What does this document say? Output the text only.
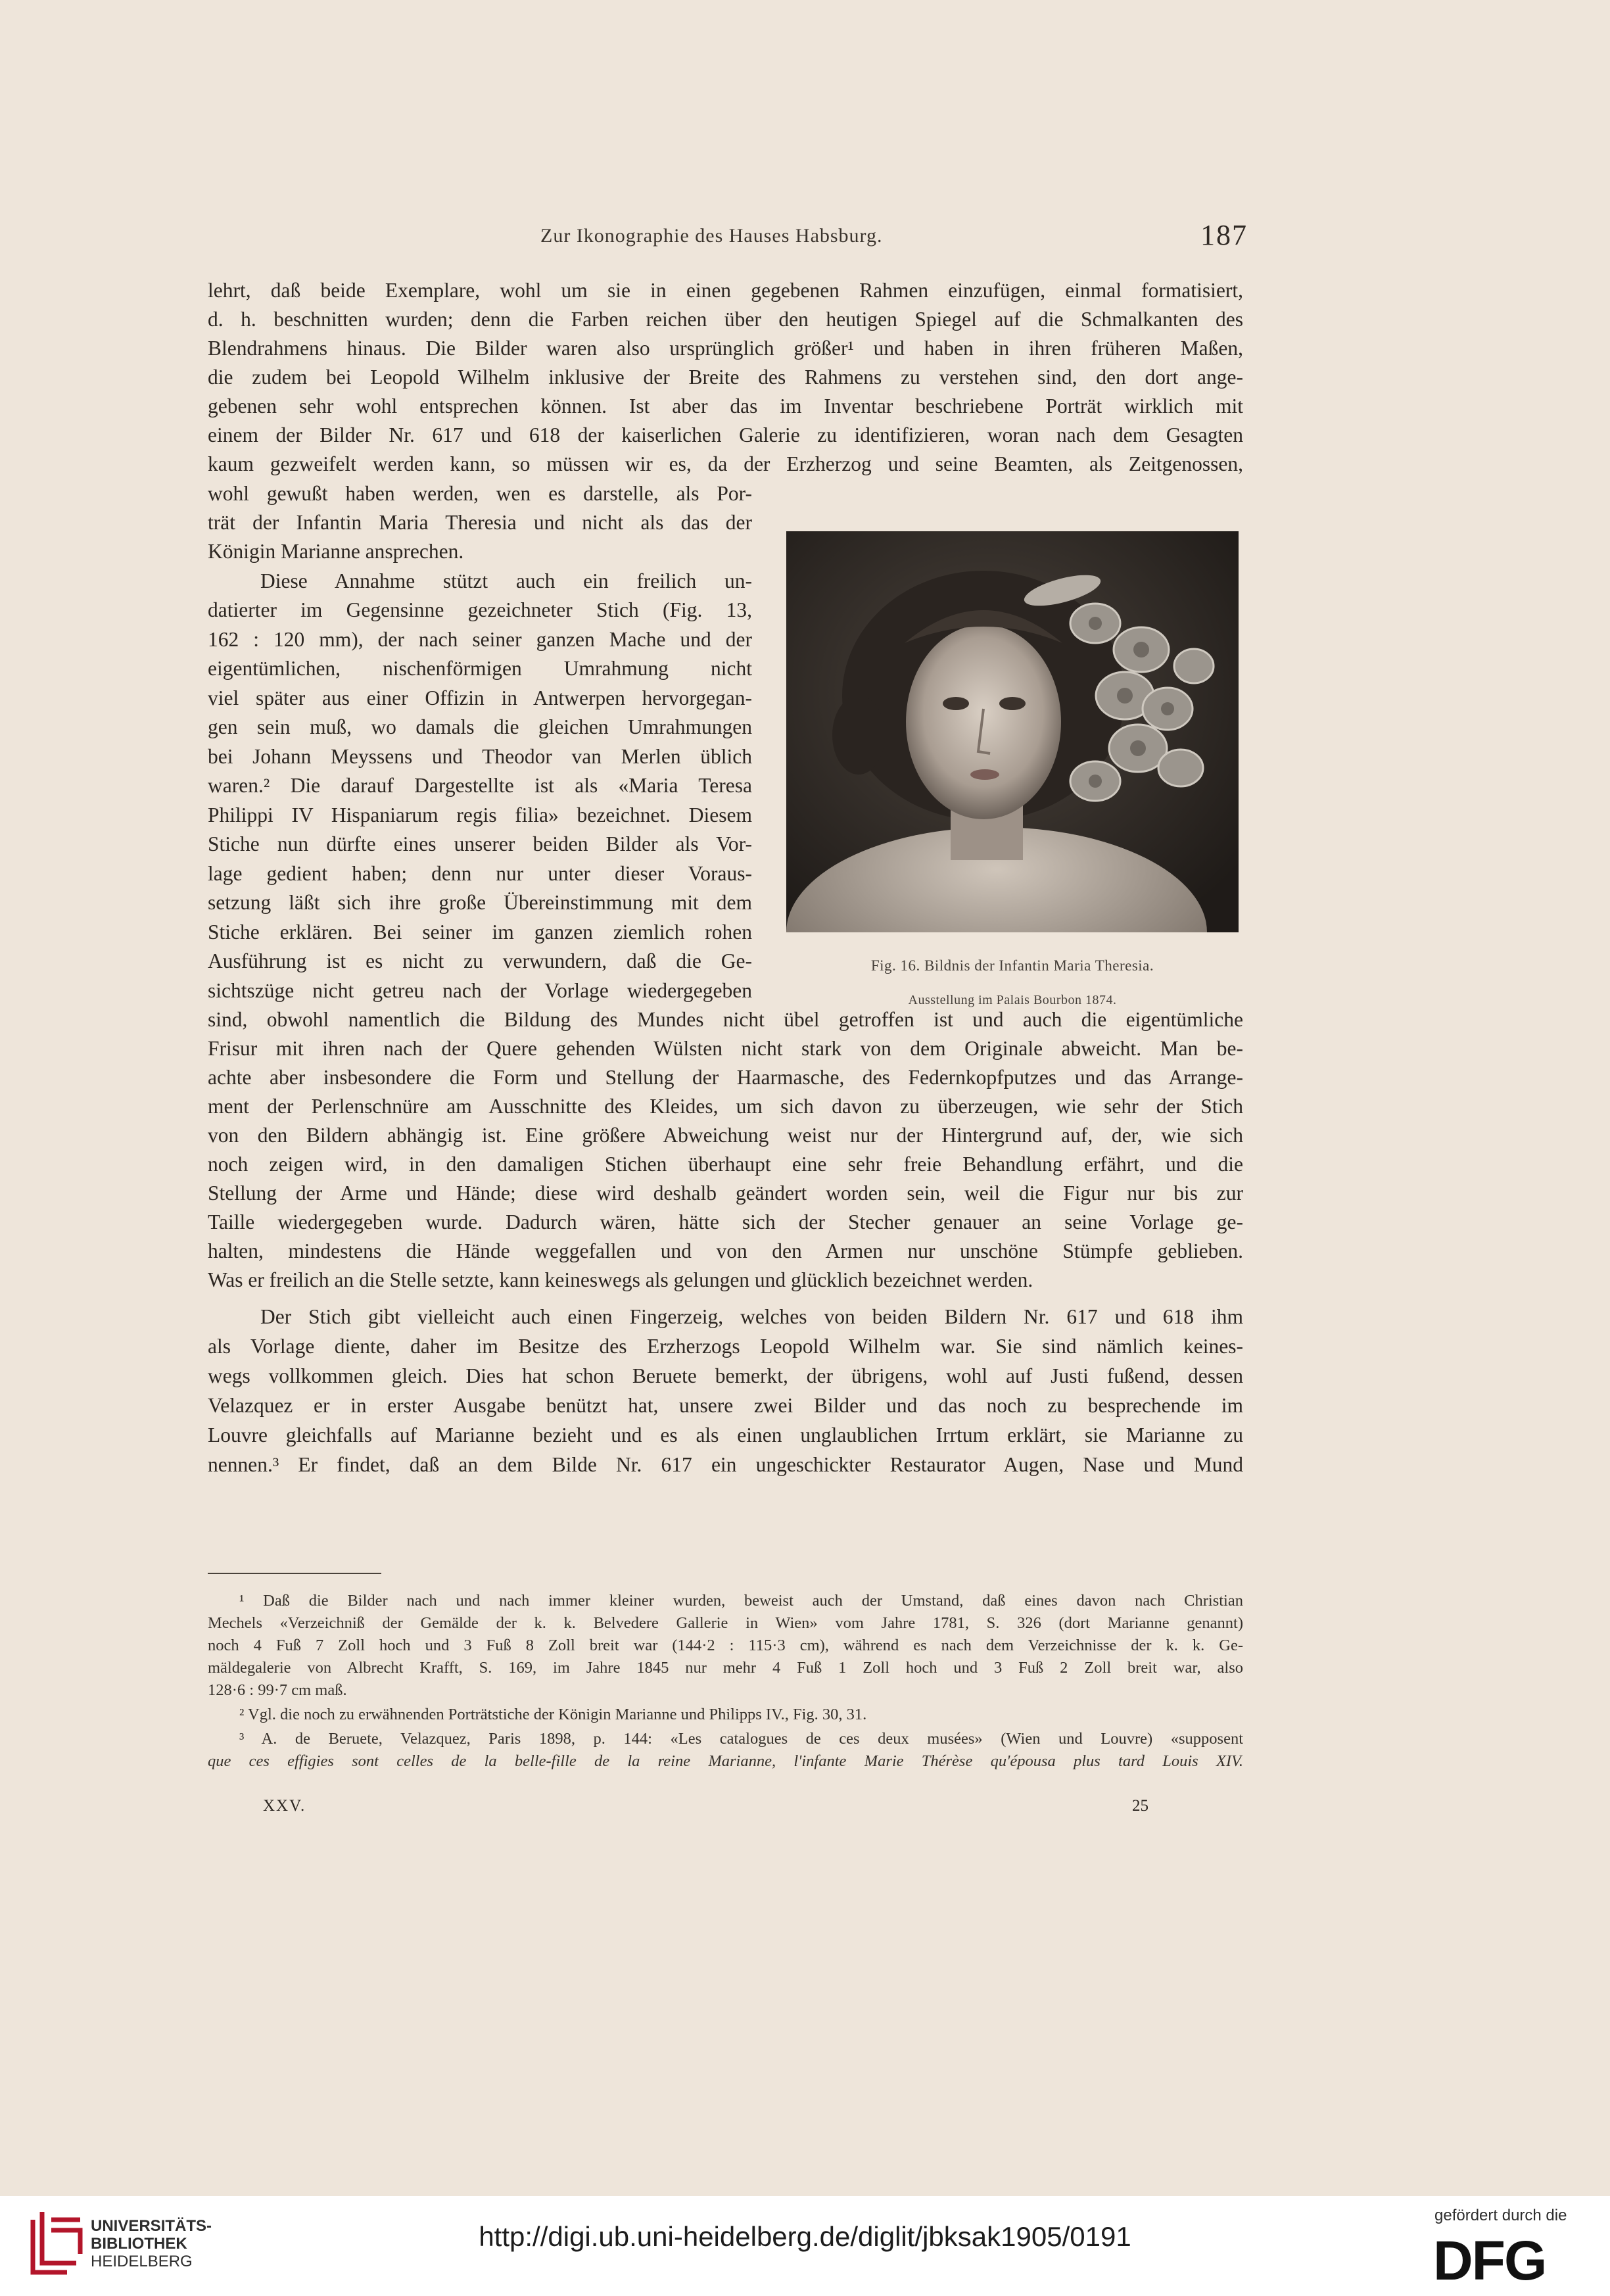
Zur Ikonographie des Hauses Habsburg.	187
lehrt, daß beide Exemplare, wohl um sie in einen gegebenen Rahmen einzufügen, einmal formatisiert,
d. h. beschnitten wurden; denn die Farben reichen über den heutigen Spiegel auf die Schmalkanten des
Blendrahmens hinaus. Die Bilder waren also ursprünglich größer¹ und haben in ihren früheren Maßen,
die zudem bei Leopold Wilhelm inklusive der Breite des Rahmens zu verstehen sind, den dort ange-
gebenen sehr wohl entsprechen können. Ist aber das im Inventar beschriebene Porträt wirklich mit
einem der Bilder Nr. 617 und 618 der kaiserlichen Galerie zu identifizieren, woran nach dem Gesagten
kaum gezweifelt werden kann, so müssen wir es, da der Erzherzog und seine Beamten, als Zeitgenossen,
wohl gewußt haben werden, wen es darstelle, als Por-
trät der Infantin Maria Theresia und nicht als das der
Königin Marianne ansprechen.
Diese Annahme stützt auch ein freilich un-
datierter im Gegensinne gezeichneter Stich (Fig. 13,
162 : 120 mm), der nach seiner ganzen Mache und der
eigentümlichen, nischenförmigen Umrahmung nicht
viel später aus einer Offizin in Antwerpen hervorgegan-
gen sein muß, wo damals die gleichen Umrahmungen
bei Johann Meyssens und Theodor van Merlen üblich
waren.² Die darauf Dargestellte ist als «Maria Teresa
Philippi IV Hispaniarum regis filia» bezeichnet. Diesem
Stiche nun dürfte eines unserer beiden Bilder als Vor-
lage gedient haben; denn nur unter dieser Voraus-
setzung läßt sich ihre große Übereinstimmung mit dem
Stiche erklären. Bei seiner im ganzen ziemlich rohen
Ausführung ist es nicht zu verwundern, daß die Ge-
sichtszüge nicht getreu nach der Vorlage wiedergegeben
Fig. 16. Bildnis der Infantin Maria Theresia.
Ausstellung im Palais Bourbon 1874.
sind, obwohl namentlich die Bildung des Mundes nicht übel getroffen ist und auch die eigentümliche
Frisur mit ihren nach der Quere gehenden Wülsten nicht stark von dem Originale abweicht. Man be-
achte aber insbesondere die Form und Stellung der Haarmasche, des Federnkopfputzes und das Arrange-
ment der Perlenschnüre am Ausschnitte des Kleides, um sich davon zu überzeugen, wie sehr der Stich
von den Bildern abhängig ist. Eine größere Abweichung weist nur der Hintergrund auf, der, wie sich
noch zeigen wird, in den damaligen Stichen überhaupt eine sehr freie Behandlung erfährt, und die
Stellung der Arme und Hände; diese wird deshalb geändert worden sein, weil die Figur nur bis zur
Taille wiedergegeben wurde. Dadurch wären, hätte sich der Stecher genauer an seine Vorlage ge-
halten, mindestens die Hände weggefallen und von den Armen nur unschöne Stümpfe geblieben.
Was er freilich an die Stelle setzte, kann keineswegs als gelungen und glücklich bezeichnet werden.
Der Stich gibt vielleicht auch einen Fingerzeig, welches von beiden Bildern Nr. 617 und 618 ihm
als Vorlage diente, daher im Besitze des Erzherzogs Leopold Wilhelm war. Sie sind nämlich keines-
wegs vollkommen gleich. Dies hat schon Beruete bemerkt, der übrigens, wohl auf Justi fußend, dessen
Velazquez er in erster Ausgabe benützt hat, unsere zwei Bilder und das noch zu besprechende im
Louvre gleichfalls auf Marianne bezieht und es als einen unglaublichen Irrtum erklärt, sie Marianne zu
nennen.³ Er findet, daß an dem Bilde Nr. 617 ein ungeschickter Restaurator Augen, Nase und Mund
¹ Daß die Bilder nach und nach immer kleiner wurden, beweist auch der Umstand, daß eines davon nach Christian
Mechels «Verzeichniß der Gemälde der k. k. Belvedere Gallerie in Wien» vom Jahre 1781, S. 326 (dort Marianne genannt)
noch 4 Fuß 7 Zoll hoch und 3 Fuß 8 Zoll breit war (144·2 : 115·3 cm), während es nach dem Verzeichnisse der k. k. Ge-
mäldegalerie von Albrecht Krafft, S. 169, im Jahre 1845 nur mehr 4 Fuß 1 Zoll hoch und 3 Fuß 2 Zoll breit war, also
128·6 : 99·7 cm maß.
² Vgl. die noch zu erwähnenden Porträtstiche der Königin Marianne und Philipps IV., Fig. 30, 31.
³ A. de Beruete, Velazquez, Paris 1898, p. 144: «Les catalogues de ces deux musées» (Wien und Louvre) «supposent
que ces effigies sont celles de la belle-fille de la reine Marianne, l'infante Marie Thérèse qu'épousa plus tard Louis XIV.
XXV.	25
UNIVERSITÄTS-
BIBLIOTHEK
HEIDELBERG
http://digi.ub.uni-heidelberg.de/diglit/jbksak1905/0191
gefördert durch die
DFG
